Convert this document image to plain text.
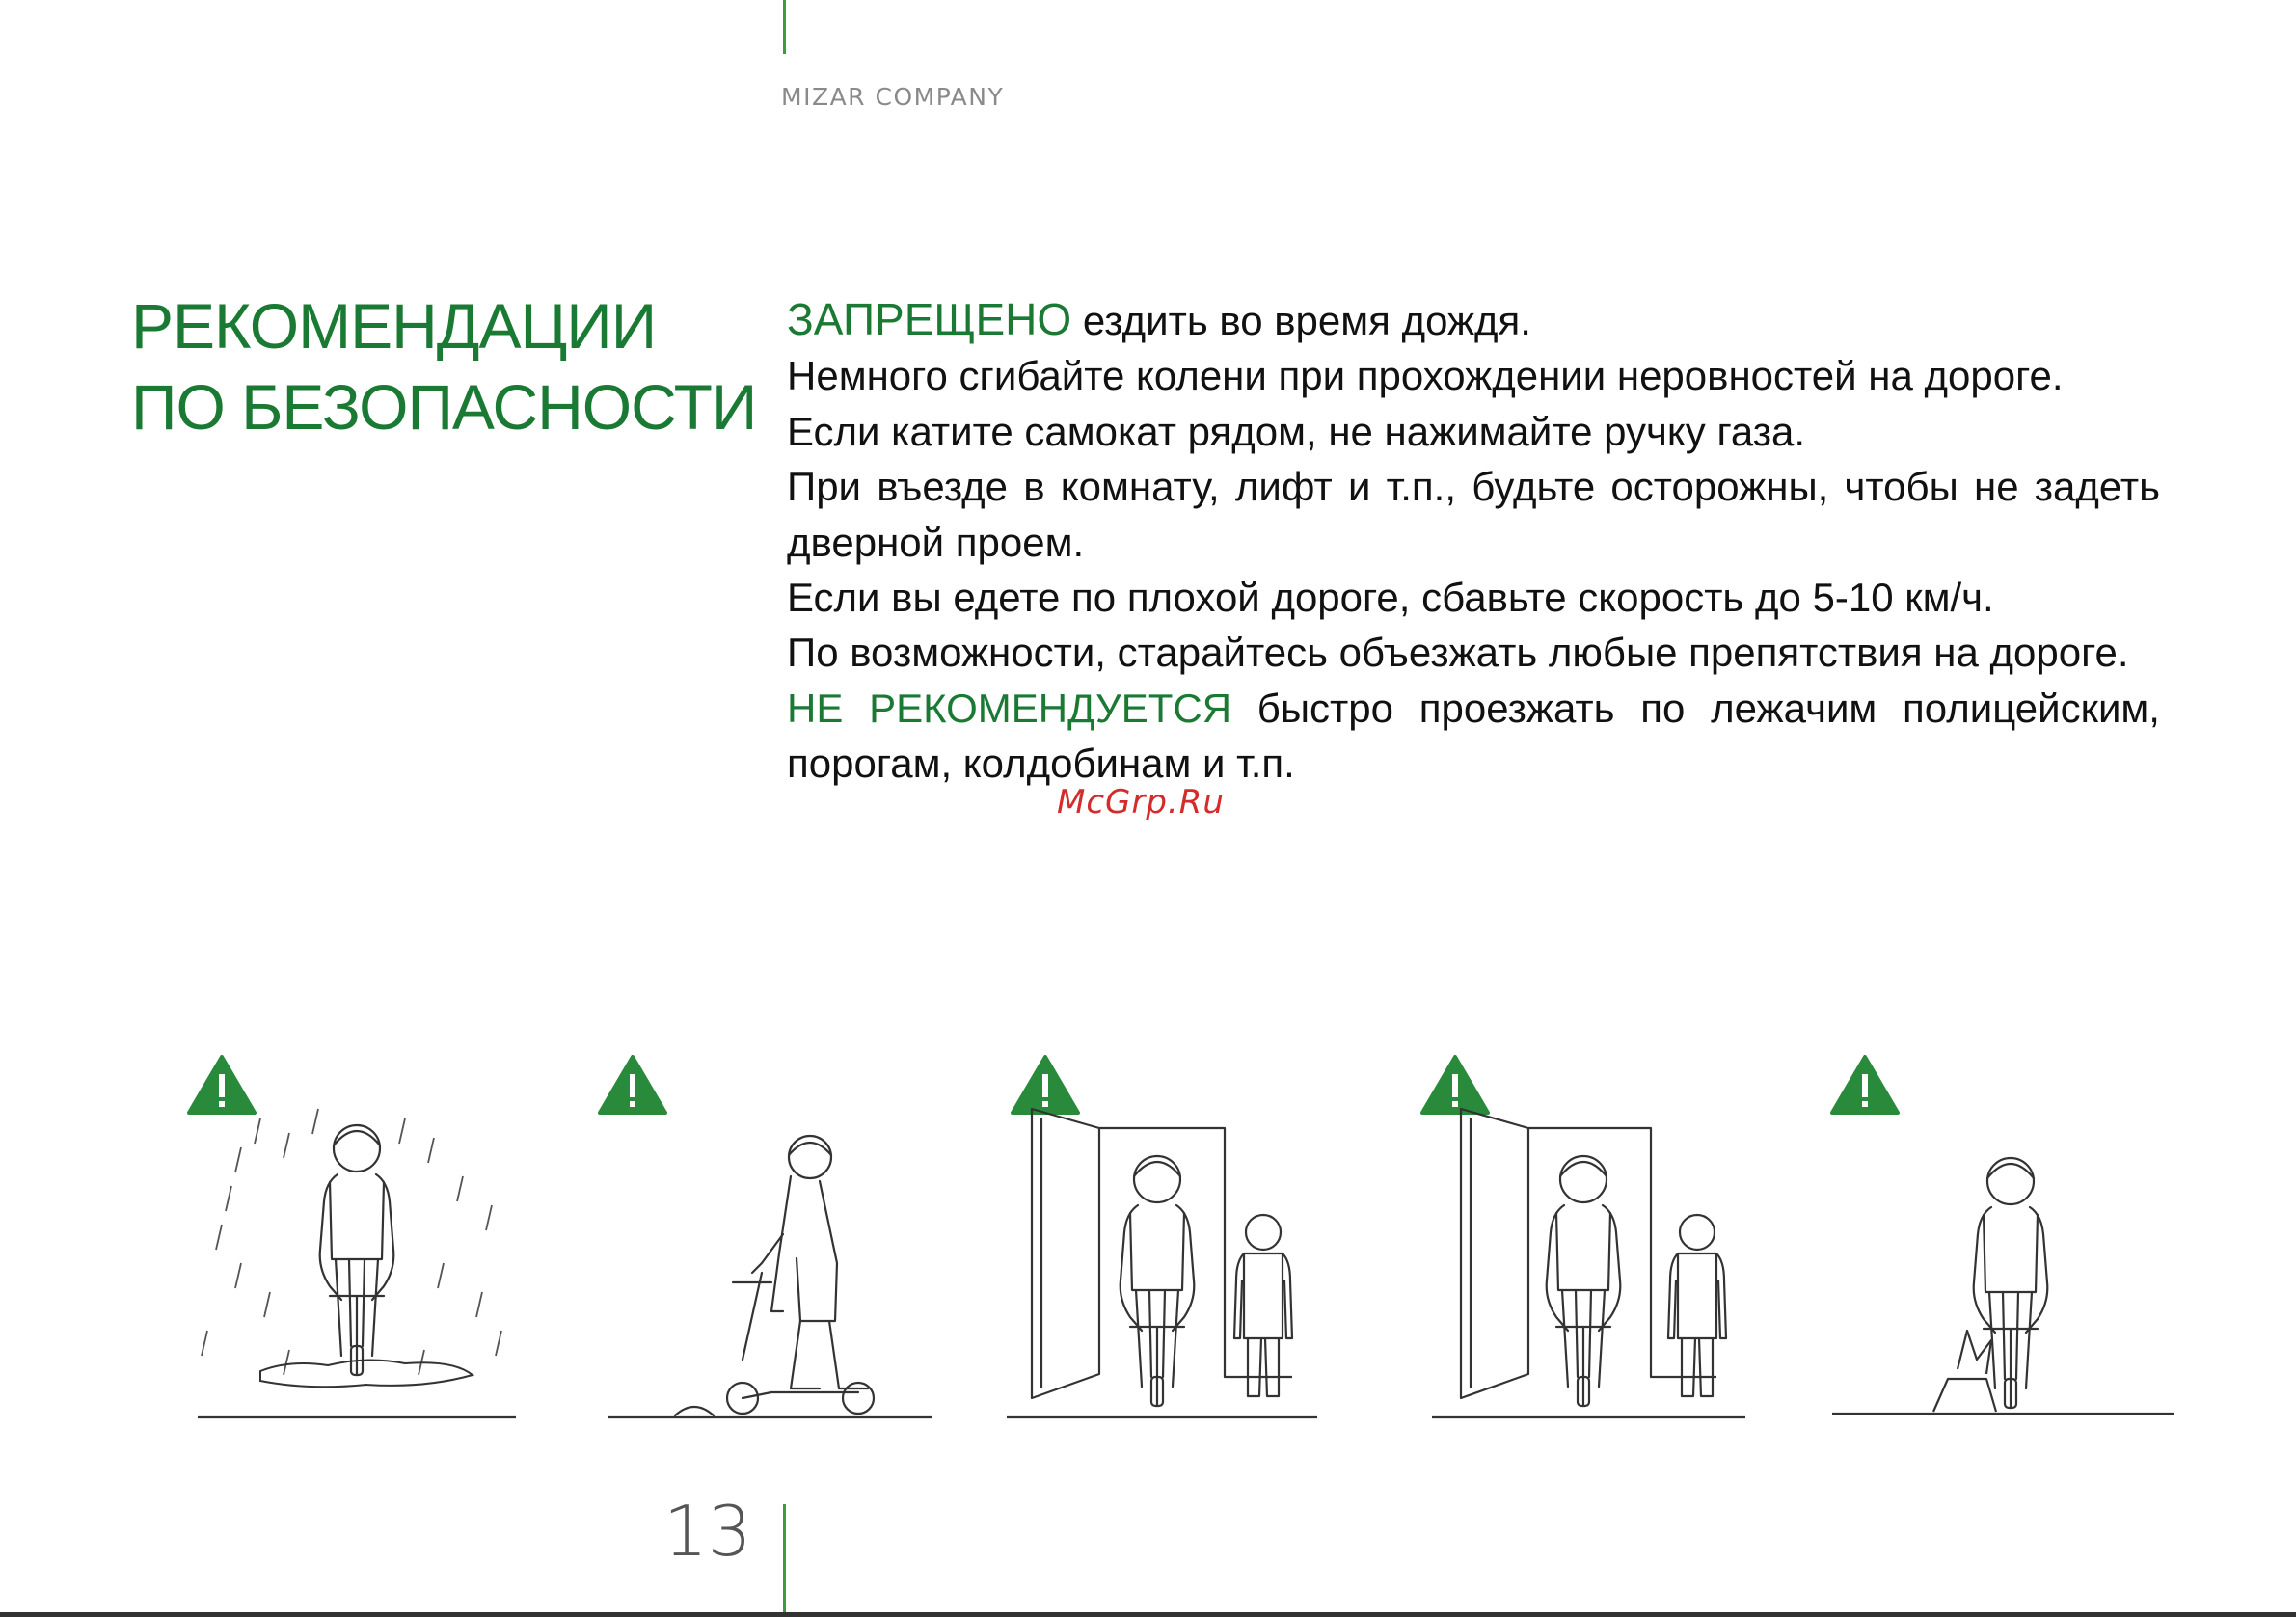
MIZAR COMPANY
РЕКОМЕНДАЦИИ
ПО БЕЗОПАСНОСТИ

ЗАПРЕЩЕНО ездить во время дождя.

Немного сгибайте колени при прохождении неровностей на дороге.

Если катите самокат рядом, не нажимайте ручку газа.

При въезде в комнату, лифт и т.п., будьте осторожны, чтобы не задеть дверной проем.

Если вы едете по плохой дороге, сбавьте скорость до 5-10 км/ч.

По возможности, старайтесь объезжать любые препятствия на дороге.

НЕ РЕКОМЕНДУЕТСЯ быстро проезжать по лежачим полицейским, порогам, колдобинам и т.п.

McGrp.Ru
13
